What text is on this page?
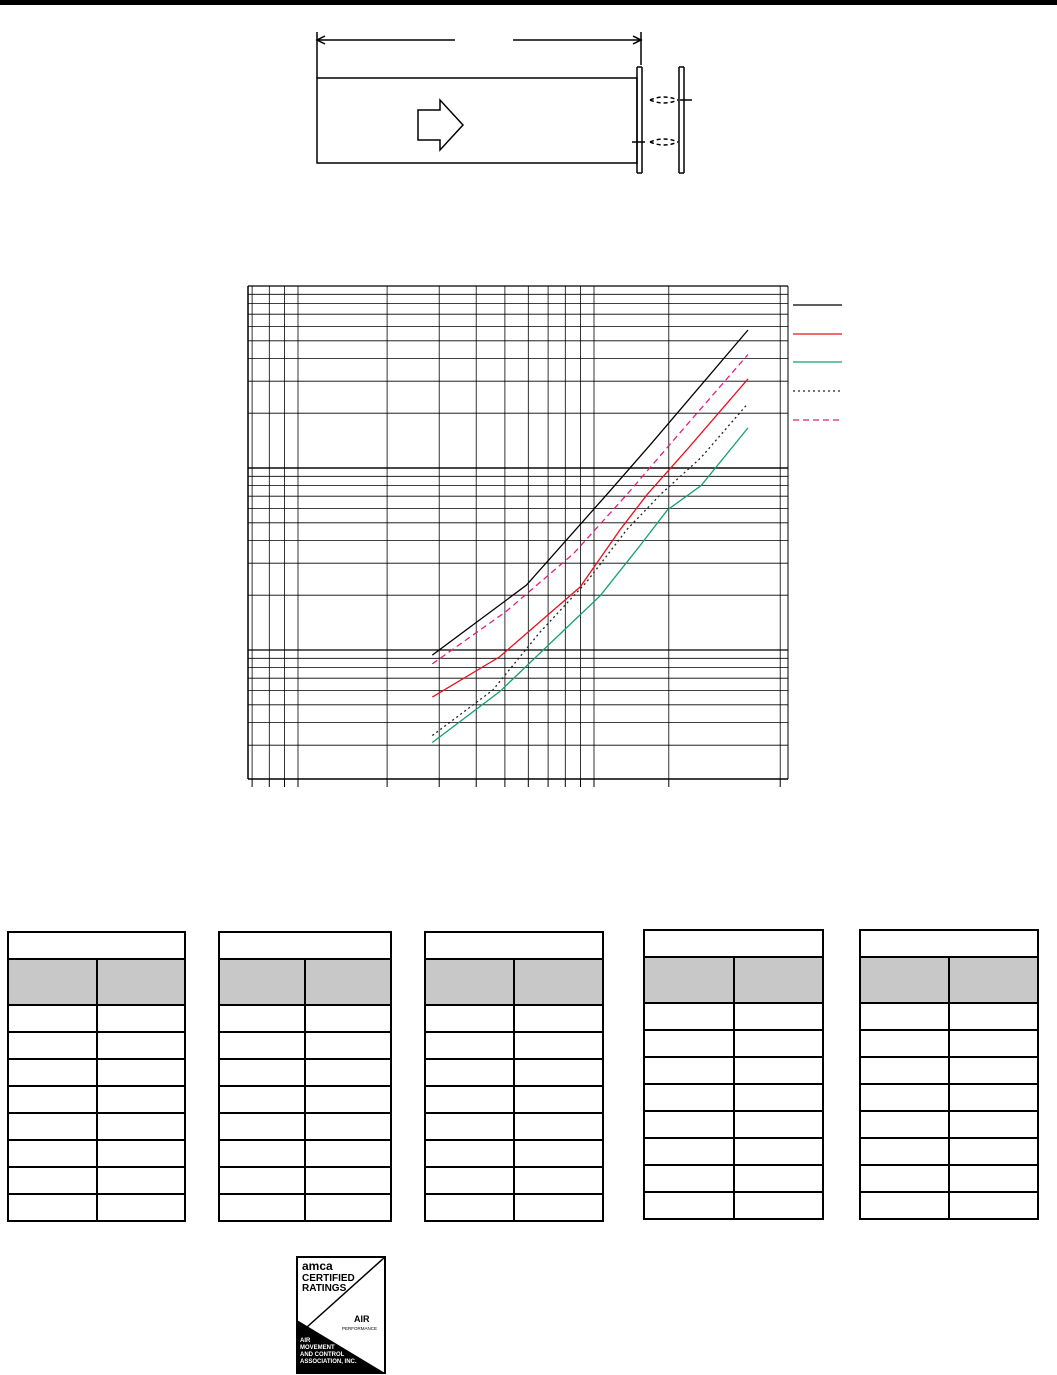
amca
CERTIFIED
RATINGS
AIR
PERFORMANCE
AIR
MOVEMENT
AND CONTROL
ASSOCIATION, INC.
